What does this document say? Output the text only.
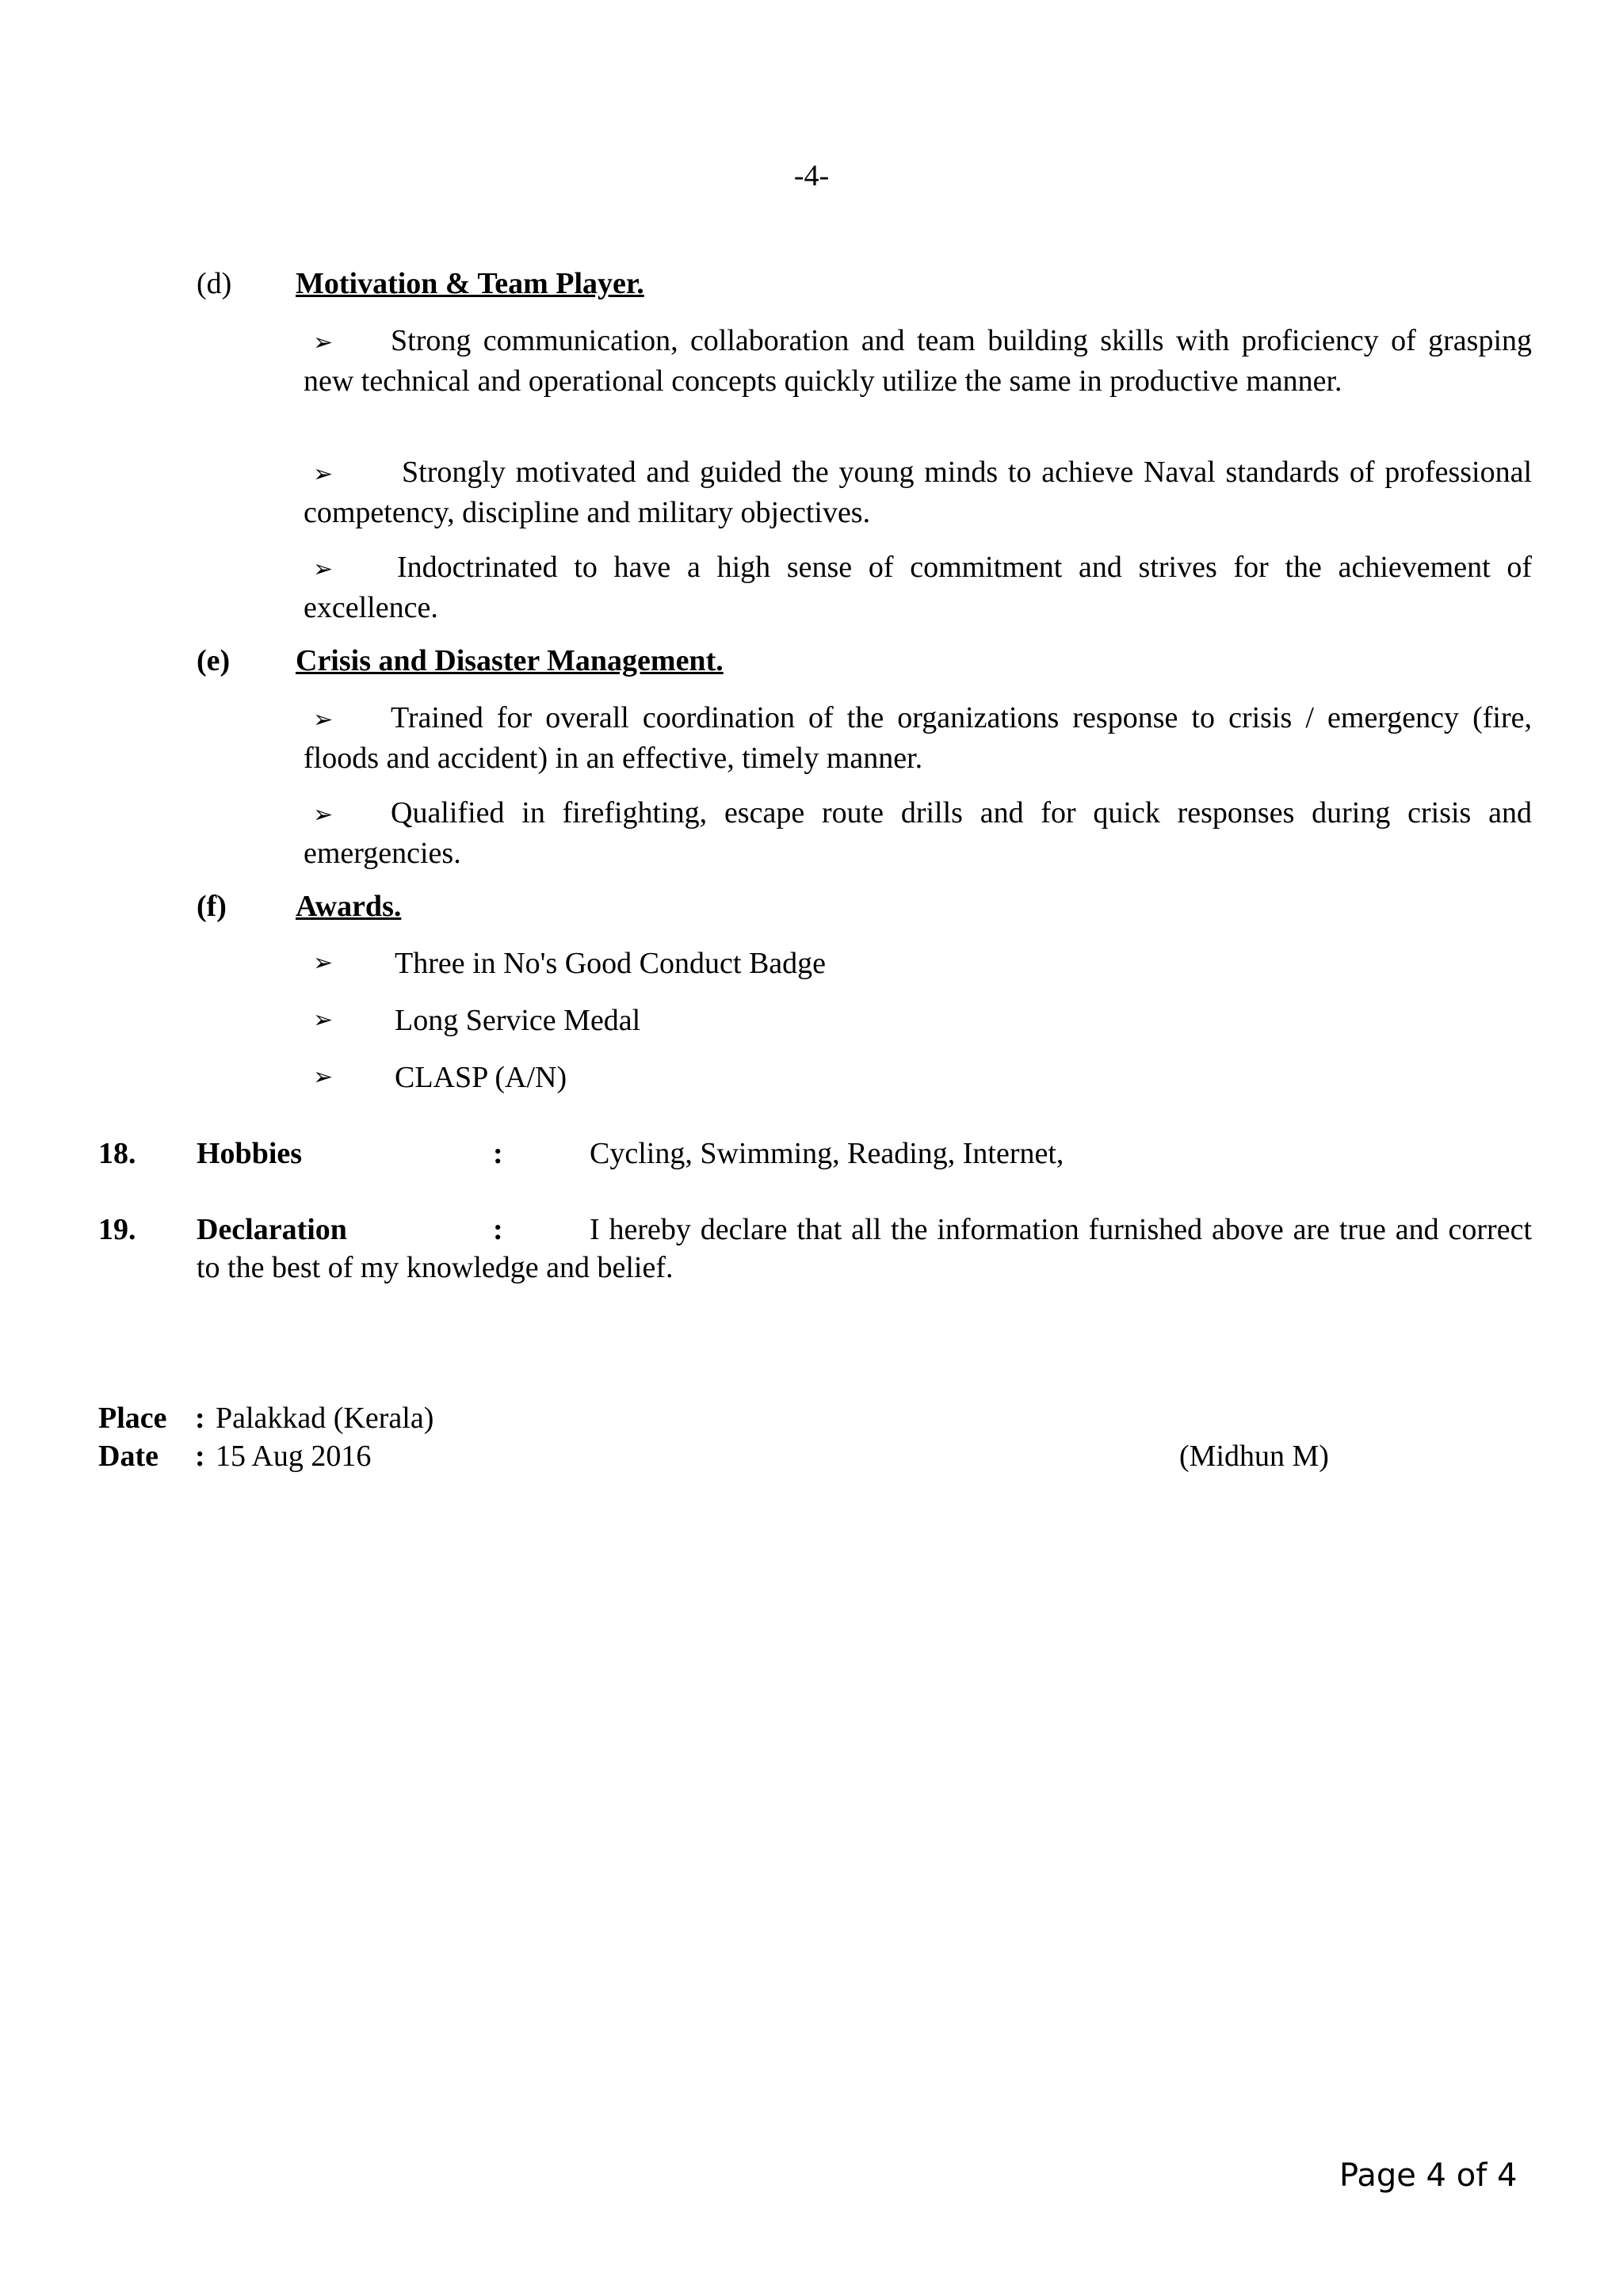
-4-
(d) Motivation & Team Player.
➢ Strong communication, collaboration and team building skills with proficiency of grasping new technical and operational concepts quickly utilize the same in productive manner.
➢ Strongly motivated and guided the young minds to achieve Naval standards of professional competency, discipline and military objectives.
➢ Indoctrinated to have a high sense of commitment and strives for the achievement of excellence.
(e) Crisis and Disaster Management.
➢ Trained for overall coordination of the organizations response to crisis / emergency (fire, floods and accident) in an effective, timely manner.
➢ Qualified in firefighting, escape route drills and for quick responses during crisis and emergencies.
(f) Awards.
➢ Three in No's Good Conduct Badge
➢ Long Service Medal
➢ CLASP (A/N)
18. Hobbies	:	Cycling, Swimming, Reading, Internet,
19. Declaration	:	I hereby declare that all the information furnished above are true and correct to the best of my knowledge and belief.
Place : Palakkad (Kerala)
Date : 15 Aug 2016	(Midhun M)
Page 4 of 4
